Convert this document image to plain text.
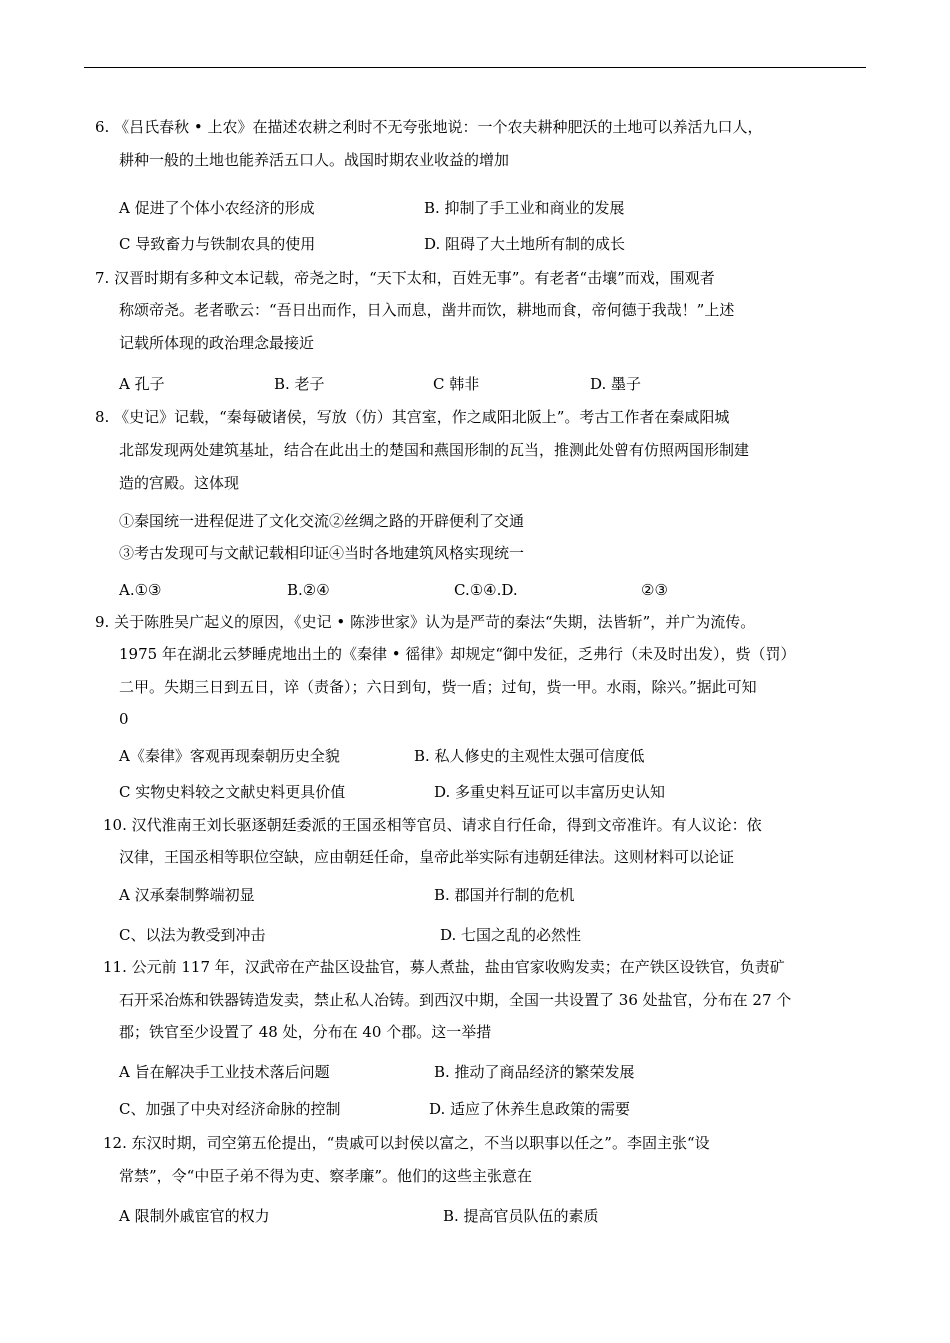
6. 《吕氏春秋 • 上农》在描述农耕之利时不无夸张地说：一个农夫耕种肥沃的土地可以养活九口人，
耕种一般的土地也能养活五口人。战国时期农业收益的增加
A 促进了个体小农经济的形成	B. 抑制了手工业和商业的发展
C 导致畜力与铁制农具的使用	D. 阻碍了大土地所有制的成长
7. 汉晋时期有多种文本记载，帝尧之时，“天下太和，百姓无事”。有老者“击壤”而戏，围观者
称颂帝尧。老者歌云：“吾日出而作，日入而息，凿井而饮，耕地而食，帝何德于我哉！”上述
记载所体现的政治理念最接近
A 孔子	B. 老子	C 韩非	D. 墨子
8. 《史记》记载，“秦每破诸侯，写放（仿）其宫室，作之咸阳北阪上”。考古工作者在秦咸阳城
北部发现两处建筑基址，结合在此出土的楚国和燕国形制的瓦当，推测此处曾有仿照两国形制建
造的宫殿。这体现
①秦国统一进程促进了文化交流②丝绸之路的开辟便利了交通
③考古发现可与文献记载相印证④当时各地建筑风格实现统一
A.①③	B.②④	C.①④.D.	②③
9. 关于陈胜吴广起义的原因，《史记 • 陈涉世家》认为是严苛的秦法“失期，法皆斩”，并广为流传。
1975 年在湖北云梦睡虎地出土的《秦律 • 徭律》却规定“御中发征，乏弗行（未及时出发），赀（罚）
二甲。失期三日到五日，谇（责备）；六日到旬，赀一盾；过旬，赀一甲。水雨，除兴。”据此可知
0
A《秦律》客观再现秦朝历史全貌	B. 私人修史的主观性太强可信度低
C 实物史料较之文献史料更具价值	D. 多重史料互证可以丰富历史认知
10. 汉代淮南王刘长驱逐朝廷委派的王国丞相等官员、请求自行任命，得到文帝准许。有人议论：依
汉律，王国丞相等职位空缺，应由朝廷任命，皇帝此举实际有违朝廷律法。这则材料可以论证
A 汉承秦制弊端初显	B. 郡国并行制的危机
C、以法为教受到冲击	D. 七国之乱的必然性
11. 公元前 117 年，汉武帝在产盐区设盐官，募人煮盐，盐由官家收购发卖；在产铁区设铁官，负责矿
石开采冶炼和铁器铸造发卖，禁止私人冶铸。到西汉中期，全国一共设置了 36 处盐官，分布在 27 个
郡；铁官至少设置了 48 处，分布在 40 个郡。这一举措
A 旨在解决手工业技术落后问题	B. 推动了商品经济的繁荣发展
C、加强了中央对经济命脉的控制	D. 适应了休养生息政策的需要
12. 东汉时期，司空第五伦提出，“贵戚可以封侯以富之，不当以职事以任之”。李固主张“设
常禁”，令“中臣子弟不得为吏、察孝廉”。他们的这些主张意在
A 限制外戚宦官的权力	B. 提高官员队伍的素质
